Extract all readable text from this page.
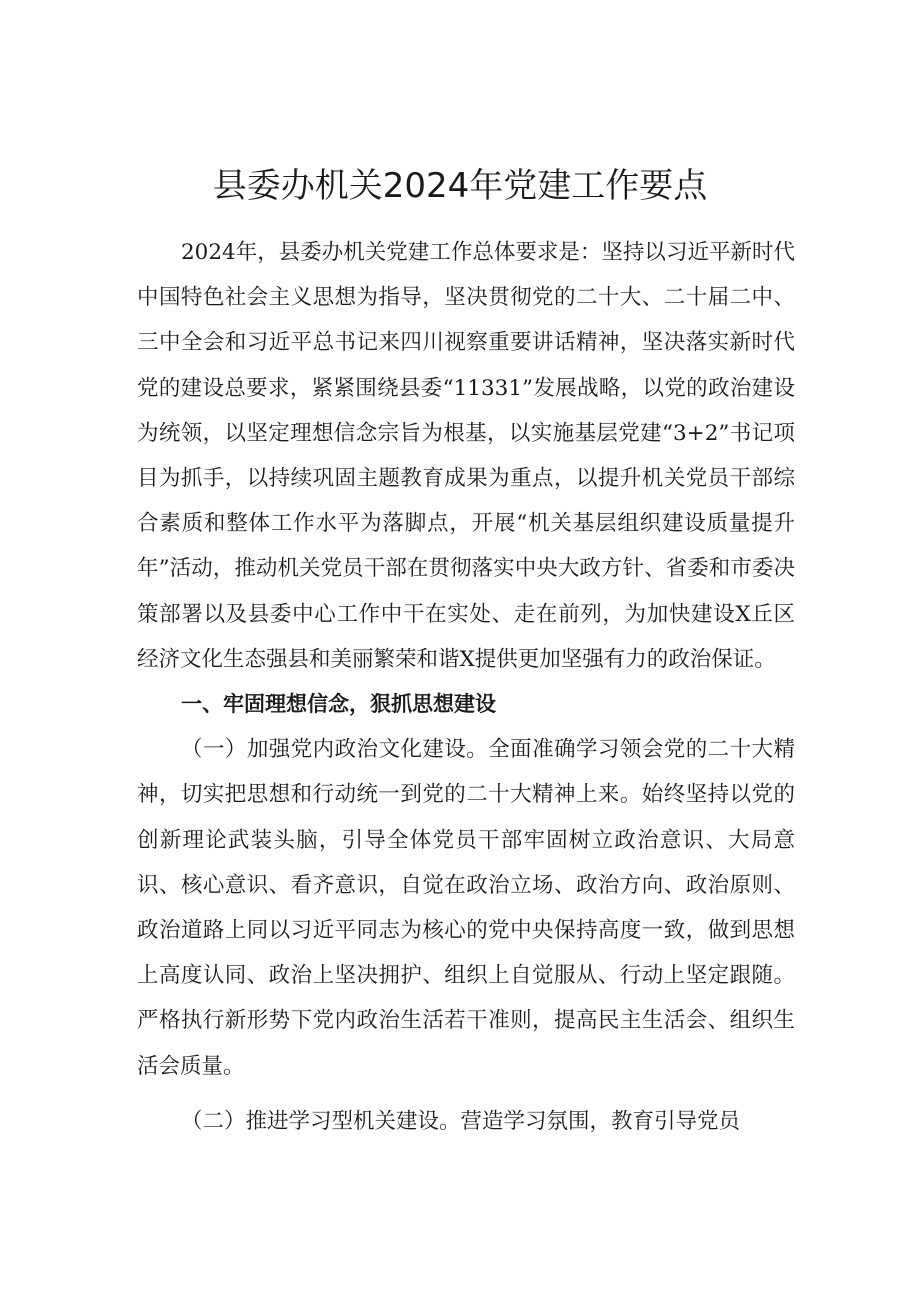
县委办机关2024年党建工作要点

2024年，县委办机关党建工作总体要求是：坚持以习近平新时代中国特色社会主义思想为指导，坚决贯彻党的二十大、二十届二中、三中全会和习近平总书记来四川视察重要讲话精神，坚决落实新时代党的建设总要求，紧紧围绕县委“11331”发展战略，以党的政治建设为统领，以坚定理想信念宗旨为根基，以实施基层党建“3+2”书记项目为抓手，以持续巩固主题教育成果为重点，以提升机关党员干部综合素质和整体工作水平为落脚点，开展“机关基层组织建设质量提升年”活动，推动机关党员干部在贯彻落实中央大政方针、省委和市委决策部署以及县委中心工作中干在实处、走在前列，为加快建设X丘区经济文化生态强县和美丽繁荣和谐X提供更加坚强有力的政治保证。

一、牢固理想信念，狠抓思想建设

（一）加强党内政治文化建设。全面准确学习领会党的二十大精神，切实把思想和行动统一到党的二十大精神上来。始终坚持以党的创新理论武装头脑，引导全体党员干部牢固树立政治意识、大局意识、核心意识、看齐意识，自觉在政治立场、政治方向、政治原则、政治道路上同以习近平同志为核心的党中央保持高度一致，做到思想上高度认同、政治上坚决拥护、组织上自觉服从、行动上坚定跟随。严格执行新形势下党内政治生活若干准则，提高民主生活会、组织生活会质量。

（二）推进学习型机关建设。营造学习氛围，教育引导党员
